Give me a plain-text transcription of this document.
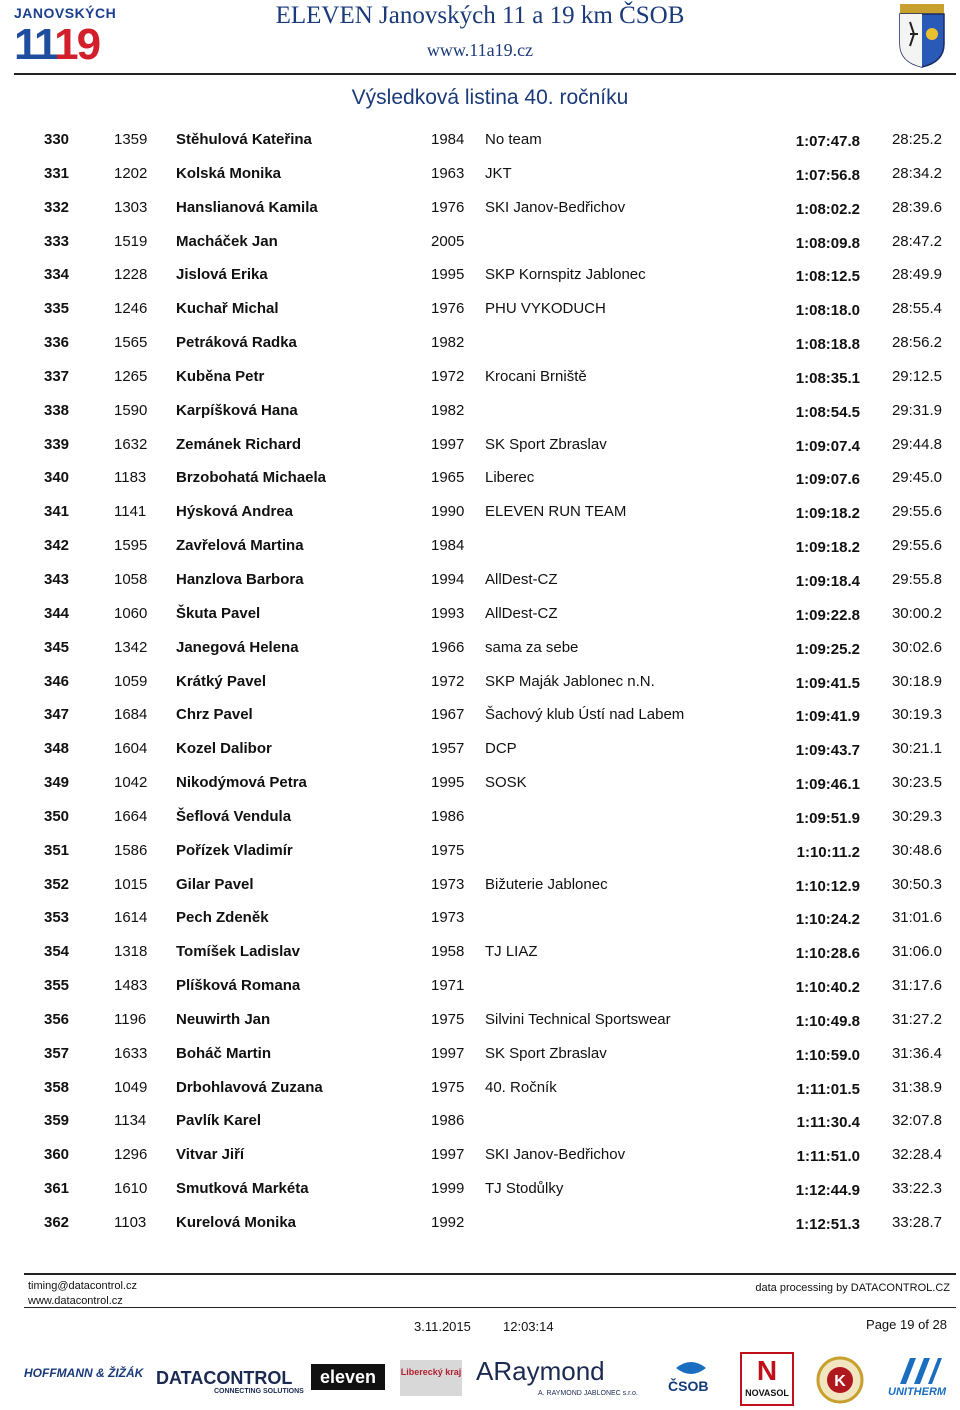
JANOVSKÝCH
1119
ELEVEN Janovských 11 a 19 km ČSOB
www.11a19.cz
Výsledková listina 40. ročníku
330	1359 Stěhulová Kateřina	1984 No team	1:07:47.8 28:25.2
331	1202 Kolská Monika	1963 JKT	1:07:56.8 28:34.2
332	1303 Hanslianová Kamila	1976 SKI Janov-Bedřichov	1:08:02.2 28:39.6
333	1519 Macháček Jan	2005	1:08:09.8 28:47.2
334	1228 Jislová Erika	1995 SKP Kornspitz Jablonec	1:08:12.5 28:49.9
335	1246 Kuchař Michal	1976 PHU VYKODUCH	1:08:18.0 28:55.4
336	1565 Petráková Radka	1982	1:08:18.8 28:56.2
337	1265 Kuběna Petr	1972 Krocani Brniště	1:08:35.1 29:12.5
338	1590 Karpíšková Hana	1982	1:08:54.5 29:31.9
339	1632 Zemánek Richard	1997 SK Sport Zbraslav	1:09:07.4 29:44.8
340	1183 Brzobohatá Michaela	1965 Liberec	1:09:07.6 29:45.0
341	1141 Hýsková Andrea	1990 ELEVEN RUN TEAM	1:09:18.2 29:55.6
342	1595 Zavřelová Martina	1984	1:09:18.2 29:55.6
343	1058 Hanzlova Barbora	1994 AllDest-CZ	1:09:18.4 29:55.8
344	1060 Škuta Pavel	1993 AllDest-CZ	1:09:22.8 30:00.2
345	1342 Janegová Helena	1966 sama za sebe	1:09:25.2 30:02.6
346	1059 Krátký Pavel	1972 SKP Maják Jablonec n.N.	1:09:41.5 30:18.9
347	1684 Chrz Pavel	1967 Šachový klub Ústí nad Labem	1:09:41.9 30:19.3
348	1604 Kozel Dalibor	1957 DCP	1:09:43.7 30:21.1
349	1042 Nikodýmová Petra	1995 SOSK	1:09:46.1 30:23.5
350	1664 Šeflová Vendula	1986	1:09:51.9 30:29.3
351	1586 Pořízek Vladimír	1975	1:10:11.2 30:48.6
352	1015 Gilar Pavel	1973 Bižuterie Jablonec	1:10:12.9 30:50.3
353	1614 Pech Zdeněk	1973	1:10:24.2 31:01.6
354	1318 Tomíšek Ladislav	1958 TJ LIAZ	1:10:28.6 31:06.0
355	1483 Plíšková Romana	1971	1:10:40.2 31:17.6
356	1196 Neuwirth Jan	1975 Silvini Technical Sportswear	1:10:49.8 31:27.2
357	1633 Boháč Martin	1997 SK Sport Zbraslav	1:10:59.0 31:36.4
358	1049 Drbohlavová Zuzana	1975 40. Ročník	1:11:01.5 31:38.9
359	1134 Pavlík Karel	1986	1:11:30.4 32:07.8
360	1296 Vitvar Jiří	1997 SKI Janov-Bedřichov	1:11:51.0 32:28.4
361	1610 Smutková Markéta	1999 TJ Stodůlky	1:12:44.9 33:22.3
362	1103 Kurelová Monika	1992	1:12:51.3 33:28.7
timing@datacontrol.cz
www.datacontrol.cz
data processing by DATACONTROL.CZ
3.11.2015 12:03:14	Page 19 of 28
HOFFMANN & ŽIŽÁK DATACONTROL
CONNECTING SOLUTIONS
eleven	Liberecký kraj ARaymond
A. RAYMOND JABLONEC s.r.o. ČSOB	N
NOVASOL
K
UNITHERM
